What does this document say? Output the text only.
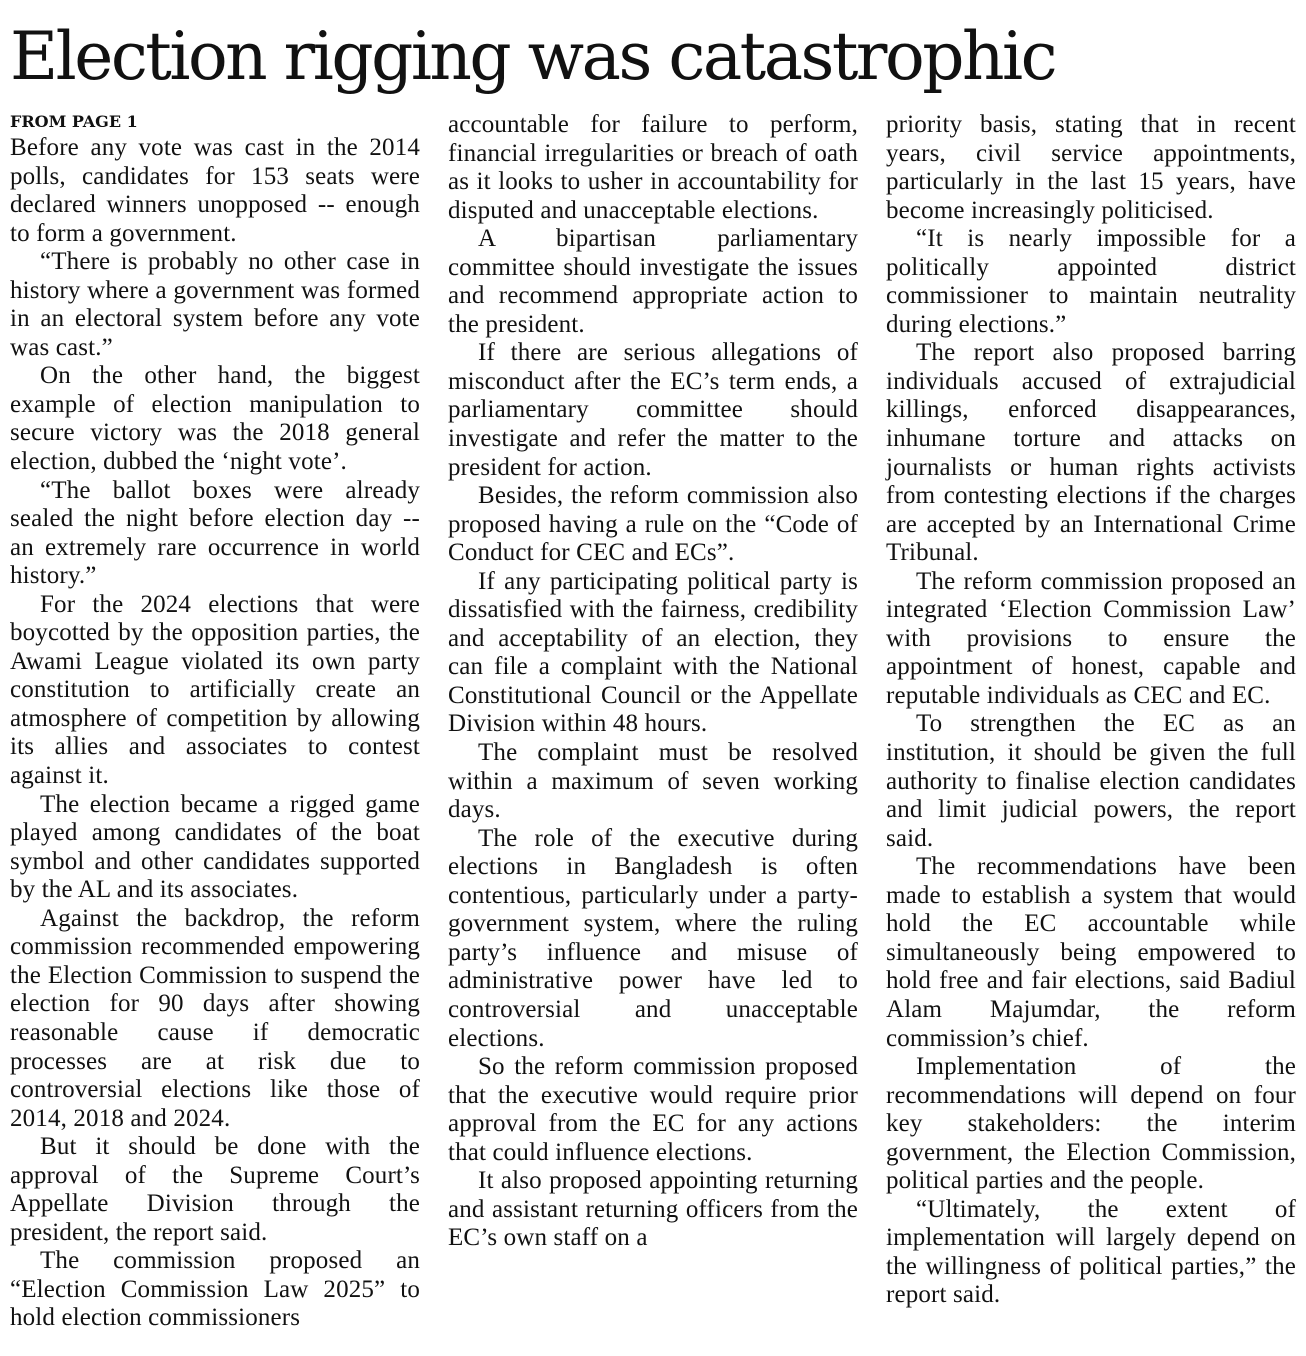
Election rigging was catastrophic
FROM PAGE 1

Before any vote was cast in the 2014 polls, candidates for 153 seats were declared winners unopposed -- enough to form a government.

“There is probably no other case in history where a government was formed in an electoral system before any vote was cast.”

On the other hand, the biggest example of election manipulation to secure victory was the 2018 general election, dubbed the ‘night vote’.

“The ballot boxes were already sealed the night before election day -- an extremely rare occurrence in world history.”

For the 2024 elections that were boycotted by the opposition parties, the Awami League violated its own party constitution to artificially create an atmosphere of competition by allowing its allies and associates to contest against it.

The election became a rigged game played among candidates of the boat symbol and other candidates supported by the AL and its associates.

Against the backdrop, the reform commission recommended empowering the Election Commission to suspend the election for 90 days after showing reasonable cause if democratic processes are at risk due to controversial elections like those of 2014, 2018 and 2024.

But it should be done with the approval of the Supreme Court’s Appellate Division through the president, the report said.

The commission proposed an “Election Commission Law 2025” to hold election commissioners

accountable for failure to perform, financial irregularities or breach of oath as it looks to usher in accountability for disputed and unacceptable elections.

A bipartisan parliamentary committee should investigate the issues and recommend appropriate action to the president.

If there are serious allegations of misconduct after the EC’s term ends, a parliamentary committee should investigate and refer the matter to the president for action.

Besides, the reform commission also proposed having a rule on the “Code of Conduct for CEC and ECs”.

If any participating political party is dissatisfied with the fairness, credibility and acceptability of an election, they can file a complaint with the National Constitutional Council or the Appellate Division within 48 hours.

The complaint must be resolved within a maximum of seven working days.

The role of the executive during elections in Bangladesh is often contentious, particularly under a party-government system, where the ruling party’s influence and misuse of administrative power have led to controversial and unacceptable elections.

So the reform commission proposed that the executive would require prior approval from the EC for any actions that could influence elections.

It also proposed appointing returning and assistant returning officers from the EC’s own staff on a

priority basis, stating that in recent years, civil service appointments, particularly in the last 15 years, have become increasingly politicised.

“It is nearly impossible for a politically appointed district commissioner to maintain neutrality during elections.”

The report also proposed barring individuals accused of extrajudicial killings, enforced disappearances, inhumane torture and attacks on journalists or human rights activists from contesting elections if the charges are accepted by an International Crime Tribunal.

The reform commission proposed an integrated ‘Election Commission Law’ with provisions to ensure the appointment of honest, capable and reputable individuals as CEC and EC.

To strengthen the EC as an institution, it should be given the full authority to finalise election candidates and limit judicial powers, the report said.

The recommendations have been made to establish a system that would hold the EC accountable while simultaneously being empowered to hold free and fair elections, said Badiul Alam Majumdar, the reform commission’s chief.

Implementation of the recommendations will depend on four key stakeholders: the interim government, the Election Commission, political parties and the people.

“Ultimately, the extent of implementation will largely depend on the willingness of political parties,” the report said.
